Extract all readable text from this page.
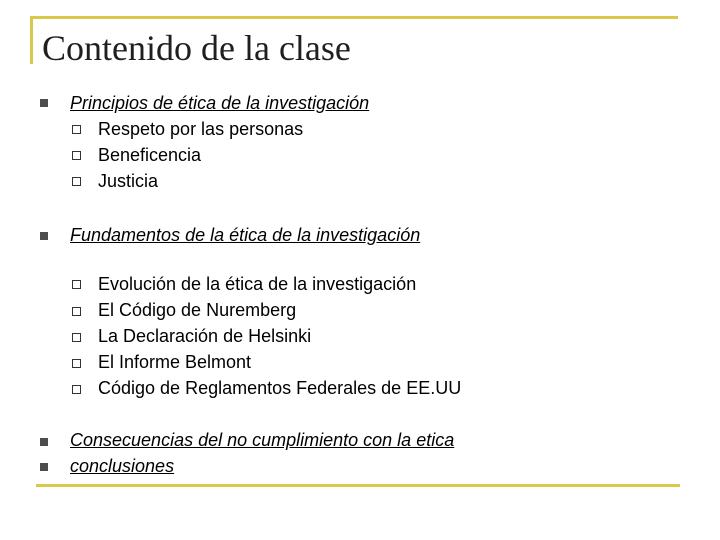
Contenido de la clase
Principios de ética de la investigación
Respeto por las personas
Beneficencia
Justicia
Fundamentos de la ética de la investigación
Evolución de la ética de la investigación
El Código de Nuremberg
La Declaración de Helsinki
El Informe Belmont
Código de Reglamentos Federales de EE.UU
Consecuencias del no cumplimiento con la etica
conclusiones
